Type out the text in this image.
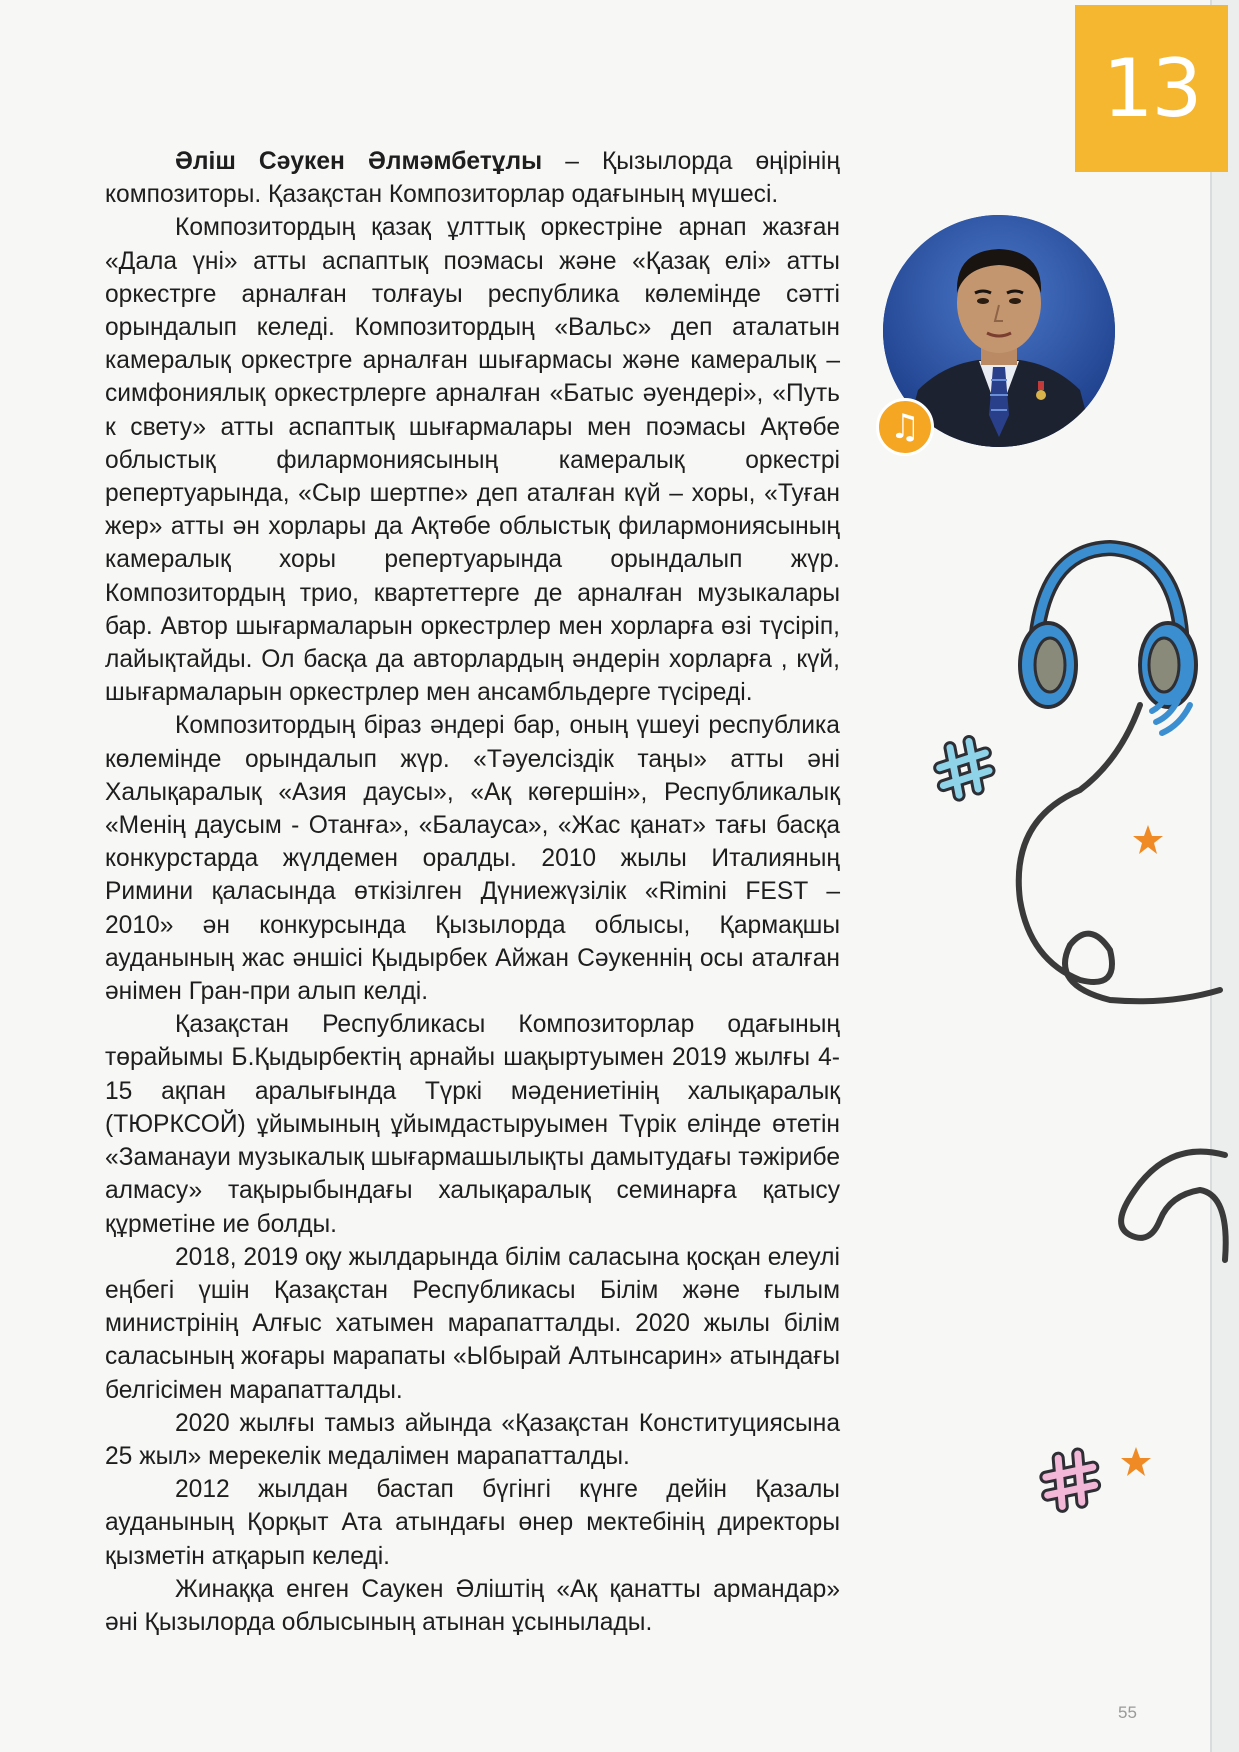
13

Әліш Сәукен Әлмәмбетұлы – Қызылорда өңірінің композиторы. Қазақстан Композиторлар одағының мүшесі.

Композитордың қазақ ұлттық оркестріне арнап жазған «Дала үні» атты аспаптық поэмасы және «Қазақ елі» атты оркестрге арналған толғауы республика көлемінде сәтті орындалып келеді. Композитордың «Вальс» деп аталатын камералық оркестрге арналған шығармасы және камералық – симфониялық оркестрлерге арналған «Батыс әуендері», «Путь к свету» атты аспаптық шығармалары мен поэмасы Ақтөбе облыстық филармониясының камералық оркестрі репертуарында, «Сыр шертпе» деп аталған күй – хоры, «Туған жер» атты ән хорлары да Ақтөбе облыстық филармониясының камералық хоры репертуарында орындалып жүр. Композитордың трио, квартеттерге де арналған музыкалары бар. Автор шығармаларын оркестрлер мен хорларға өзі түсіріп, лайықтайды. Ол басқа да авторлардың әндерін хорларға , күй, шығармаларын оркестрлер мен ансамбльдерге түсіреді.

Композитордың біраз әндері бар, оның үшеуі республика көлемінде орындалып жүр. «Тәуелсіздік таңы» атты әні Халықаралық «Азия даусы», «Ақ көгершін», Республикалық «Менің даусым - Отанға», «Балауса», «Жас қанат» тағы басқа конкурстарда жүлдемен оралды. 2010 жылы Италияның Римини қаласында өткізілген Дүниежүзілік «Rimini FEST – 2010» ән конкурсында Қызылорда облысы, Қармақшы ауданының жас әншісі Қыдырбек Айжан Сәукеннің осы аталған әнімен Гран-при алып келді.

Қазақстан Республикасы Композиторлар одағының төрайымы Б.Қыдырбектің арнайы шақыртуымен 2019 жылғы 4-15 ақпан аралығында Түркі мәдениетінің халықаралық (ТЮРКСОЙ) ұйымының ұйымдастыруымен Түрік елінде өтетін «Заманауи музыкалық шығармашылықты дамытудағы тәжірибе алмасу» тақырыбындағы халықаралық семинарға қатысу құрметіне ие болды.

2018, 2019 оқу жылдарында білім саласына қосқан елеулі еңбегі үшін Қазақстан Республикасы Білім және ғылым министрінің Алғыс хатымен марапатталды. 2020 жылы білім саласының жоғары марапаты «Ыбырай Алтынсарин» атындағы белгісімен марапатталды.

2020 жылғы тамыз айында «Қазақстан Конституциясына 25 жыл» мерекелік медалімен марапатталды.

2012 жылдан бастап бүгінгі күнге дейін Қазалы ауданының Қорқыт Ата атындағы өнер мектебінің директоры қызметін атқарып келеді.

Жинаққа енген Саукен Әліштің «Ақ қанатты армандар» әні Қызылорда облысының атынан ұсынылады.

♫
55
